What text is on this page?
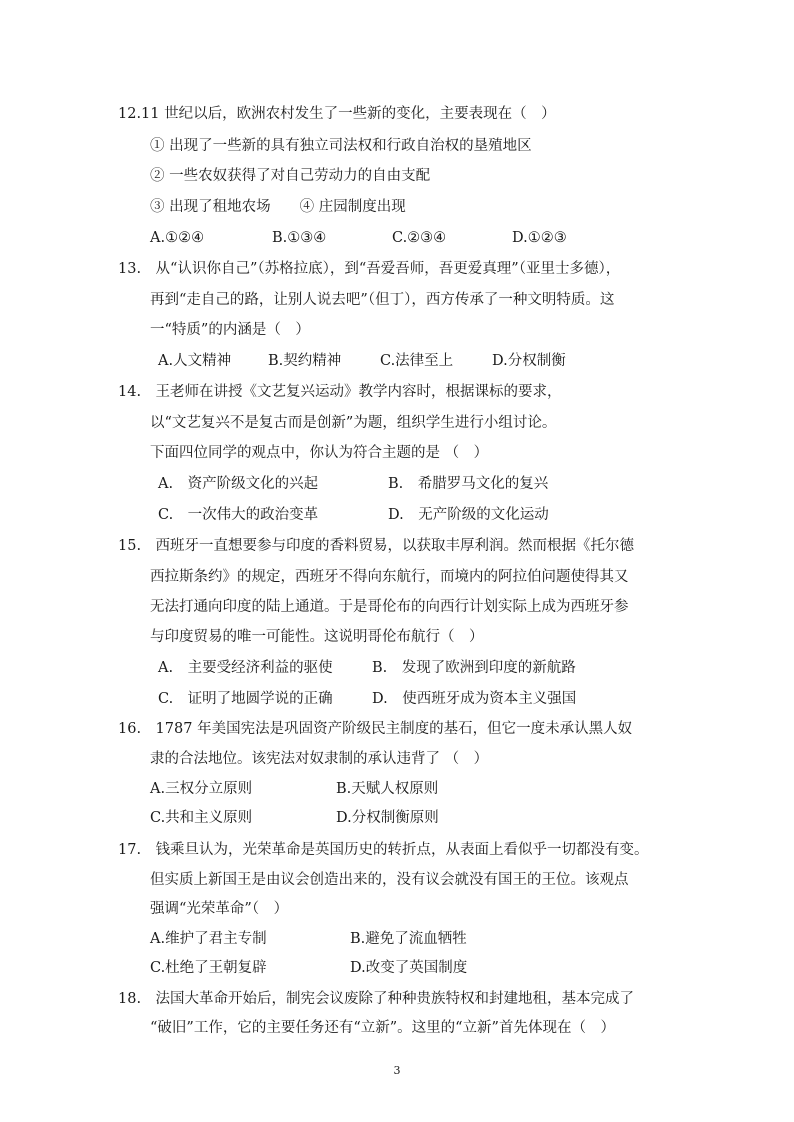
12.11 世纪以后，欧洲农村发生了一些新的变化，主要表现在（　）
① 出现了一些新的具有独立司法权和行政自治权的垦殖地区
② 一些农奴获得了对自己劳动力的自由支配
③ 出现了租地农场　　④ 庄园制度出现
A.①②④	B.①③④	C.②③④	D.①②③
13.　从“认识你自己”（苏格拉底），到“吾爱吾师，吾更爱真理”（亚里士多德），
再到“走自己的路，让别人说去吧”（但丁），西方传承了一种文明特质。这
一“特质”的内涵是（　）
A.人文精神	B.契约精神	C.法律至上	D.分权制衡
14.　王老师在讲授《文艺复兴运动》教学内容时，根据课标的要求，
以“文艺复兴不是复古而是创新”为题，组织学生进行小组讨论。
下面四位同学的观点中，你认为符合主题的是 （　）
A.　资产阶级文化的兴起	B.　希腊罗马文化的复兴
C.　一次伟大的政治变革	D.　无产阶级的文化运动
15.　西班牙一直想要参与印度的香料贸易，以获取丰厚利润。然而根据《托尔德
西拉斯条约》的规定，西班牙不得向东航行，而境内的阿拉伯问题使得其又
无法打通向印度的陆上通道。于是哥伦布的向西行计划实际上成为西班牙参
与印度贸易的唯一可能性。这说明哥伦布航行（　）
A.　主要受经济利益的驱使	B.　发现了欧洲到印度的新航路
C.　证明了地圆学说的正确	D.　使西班牙成为资本主义强国
16.　1787 年美国宪法是巩固资产阶级民主制度的基石，但它一度未承认黑人奴
隶的合法地位。该宪法对奴隶制的承认违背了 （　）
A.三权分立原则	B.天赋人权原则
C.共和主义原则	D.分权制衡原则
17.　钱乘旦认为，光荣革命是英国历史的转折点，从表面上看似乎一切都没有变。
但实质上新国王是由议会创造出来的，没有议会就没有国王的王位。该观点
强调“光荣革命”（　）
A.维护了君主专制	B.避免了流血牺牲
C.杜绝了王朝复辟	D.改变了英国制度
18.　法国大革命开始后，制宪会议废除了种种贵族特权和封建地租，基本完成了
“破旧”工作，它的主要任务还有“立新”。这里的“立新”首先体现在（　）
3
